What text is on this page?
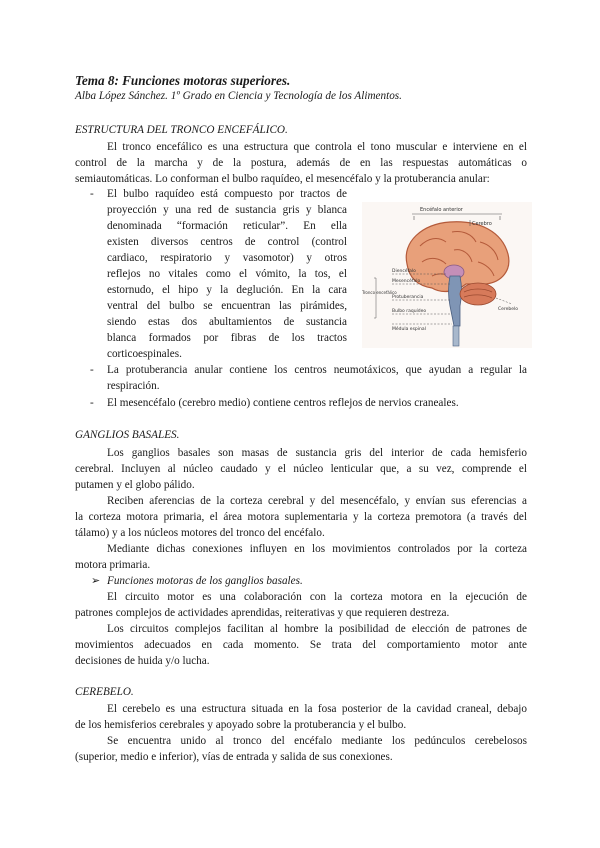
Tema 8: Funciones motoras superiores.
Alba López Sánchez. 1º Grado en Ciencia y Tecnología de los Alimentos.
ESTRUCTURA DEL TRONCO ENCEFÁLICO.
El tronco encefálico es una estructura que controla el tono muscular e interviene en el
control de la marcha y de la postura, además de en las respuestas automáticas o
semiautomáticas. Lo conforman el bulbo raquídeo, el mesencéfalo y la protuberancia anular:
- El bulbo raquídeo está compuesto por tractos de
proyección y una red de sustancia gris y blanca
denominada “formación reticular”. En ella
existen diversos centros de control (control
cardiaco, respiratorio y vasomotor) y otros
reflejos no vitales como el vómito, la tos, el
estornudo, el hipo y la deglución. En la cara
ventral del bulbo se encuentran las pirámides,
siendo estas dos abultamientos de sustancia
blanca formados por fibras de los tractos
corticoespinales.
Encéfalo anterior
Cerebro
Diencéfalo
Mesencéfalo
Tronco encefálico
Protuberancia
Bulbo raquídeo	Cerebelo
Médula espinal
- La protuberancia anular contiene los centros neumotáxicos, que ayudan a regular la
respiración.
- El mesencéfalo (cerebro medio) contiene centros reflejos de nervios craneales.
GANGLIOS BASALES.
Los ganglios basales son masas de sustancia gris del interior de cada hemisferio
cerebral. Incluyen al núcleo caudado y el núcleo lenticular que, a su vez, comprende el
putamen y el globo pálido.
Reciben aferencias de la corteza cerebral y del mesencéfalo, y envían sus eferencias a
la corteza motora primaria, el área motora suplementaria y la corteza premotora (a través del
tálamo) y a los núcleos motores del tronco del encéfalo.
Mediante dichas conexiones influyen en los movimientos controlados por la corteza
motora primaria.
➢ Funciones motoras de los ganglios basales.
El circuito motor es una colaboración con la corteza motora en la ejecución de
patrones complejos de actividades aprendidas, reiterativas y que requieren destreza.
Los circuitos complejos facilitan al hombre la posibilidad de elección de patrones de
movimientos adecuados en cada momento. Se trata del comportamiento motor ante
decisiones de huida y/o lucha.
CEREBELO.
El cerebelo es una estructura situada en la fosa posterior de la cavidad craneal, debajo
de los hemisferios cerebrales y apoyado sobre la protuberancia y el bulbo.
Se encuentra unido al tronco del encéfalo mediante los pedúnculos cerebelosos
(superior, medio e inferior), vías de entrada y salida de sus conexiones.
